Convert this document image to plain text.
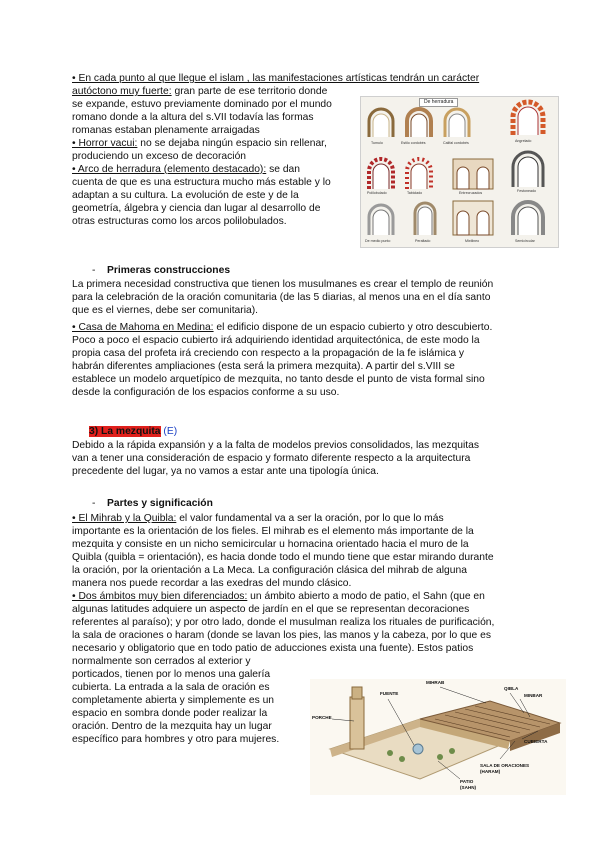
• En cada punto al que llegue el islam , las manifestaciones artísticas tendrán un carácter
autóctono muy fuerte: gran parte de ese territorio donde
se expande, estuvo previamente dominado por el mundo
romano donde a la altura del s.VII todavía las formas
romanas estaban plenamente arraigadas
• Horror vacui: no se dejaba ningún espacio sin rellenar,
produciendo un exceso de decoración
• Arco de herradura (elemento destacado): se dan
cuenta de que es una estructura mucho más estable y lo
adaptan a su cultura. La evolución de este y de la
geometría, álgebra y ciencia dan lugar al desarrollo de
otras estructuras como los arcos polilobulados.
De herradura
Tumulo	Estilo cordobés	Califal cordobés	Angrelado
Polilobulado	Tabiclado	Entrecruzados	Festoneado
De medio punto	Peraltado	Mixtlineo	Semicircular
- Primeras construcciones
La primera necesidad constructiva que tienen los musulmanes es crear el templo de reunión
para la celebración de la oración comunitaria (de las 5 diarias, al menos una en el día santo
que es el viernes, debe ser comunitaria).
• Casa de Mahoma en Medina: el edificio dispone de un espacio cubierto y otro descubierto.
Poco a poco el espacio cubierto irá adquiriendo identidad arquitectónica, de este modo la
propia casa del profeta irá creciendo con respecto a la propagación de la fe islámica y
habrán diferentes ampliaciones (esta será la primera mezquita). A partir del s.VIII se
establece un modelo arquetípico de mezquita, no tanto desde el punto de vista formal sino
desde la configuración de los espacios conforme a su uso.
3) La mezquita (E)
Debido a la rápida expansión y a la falta de modelos previos consolidados, las mezquitas
van a tener una consideración de espacio y formato diferente respecto a la arquitectura
precedente del lugar, ya no vamos a estar ante una tipología única.
- Partes y significación
• El Mihrab y la Quibla: el valor fundamental va a ser la oración, por lo que lo más
importante es la orientación de los fieles. El mihrab es el elemento más importante de la
mezquita y consiste en un nicho semicircular u hornacina orientado hacia el muro de la
Quibla (quibla = orientación), es hacia donde todo el mundo tiene que estar mirando durante
la oración, por la orientación a La Meca. La configuración clásica del mihrab de alguna
manera nos puede recordar a las exedras del mundo clásico.
• Dos ámbitos muy bien diferenciados: un ámbito abierto a modo de patio, el Sahn (que en
algunas latitudes adquiere un aspecto de jardín en el que se representan decoraciones
referentes al paraíso); y por otro lado, donde el musulman realiza los rituales de purificación,
la sala de oraciones o haram (donde se lavan los pies, las manos y la cabeza, por lo que es
necesario y obligatorio que en todo patio de aducciones exista una fuente). Estos patios
normalmente son cerrados al exterior y
porticados, tienen por lo menos una galería
cubierta. La entrada a la sala de oración es
completamente abierta y simplemente es un
espacio en sombra donde poder realizar la
oración. Dentro de la mezquita hay un lugar
específico para hombres y otro para mujeres.
FUENTE
MIHRAB
QIBLA
MINBAR
CUBIERTA
SALA DE ORACIONES (HARAM)
PATIO (SAHN)
PORCHE
